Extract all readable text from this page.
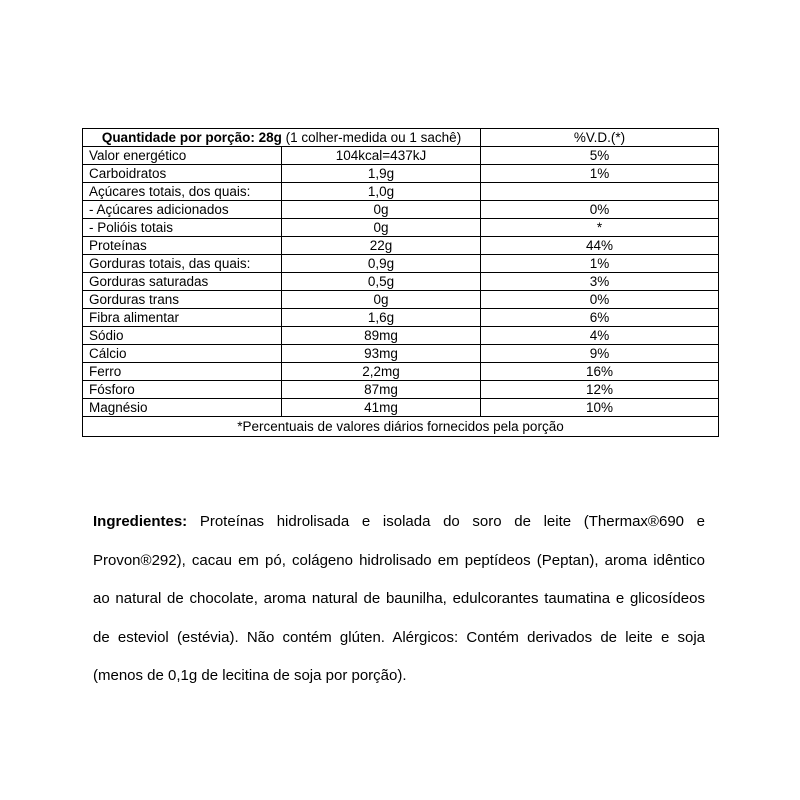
Quantidade por porção: 28g (1 colher-medida ou 1 sachê)		%V.D.(*)
Valor energético	104kcal=437kJ	5%
Carboidratos	1,9g	1%
Açúcares totais, dos quais:	1,0g	
- Açúcares adicionados	0g	0%
- Polióis totais	0g	*
Proteínas	22g	44%
Gorduras totais, das quais:	0,9g	1%
Gorduras saturadas	0,5g	3%
Gorduras trans	0g	0%
Fibra alimentar	1,6g	6%
Sódio	89mg	4%
Cálcio	93mg	9%
Ferro	2,2mg	16%
Fósforo	87mg	12%
Magnésio	41mg	10%
*Percentuais de valores diários fornecidos pela porção		

Ingredientes: Proteínas hidrolisada e isolada do soro de leite (Thermax®690 e Provon®292), cacau em pó, colágeno hidrolisado em peptídeos (Peptan), aroma idêntico ao natural de chocolate, aroma natural de baunilha, edulcorantes taumatina e glicosídeos de esteviol (estévia). Não contém glúten. Alérgicos: Contém derivados de leite e soja (menos de 0,1g de lecitina de soja por porção).
